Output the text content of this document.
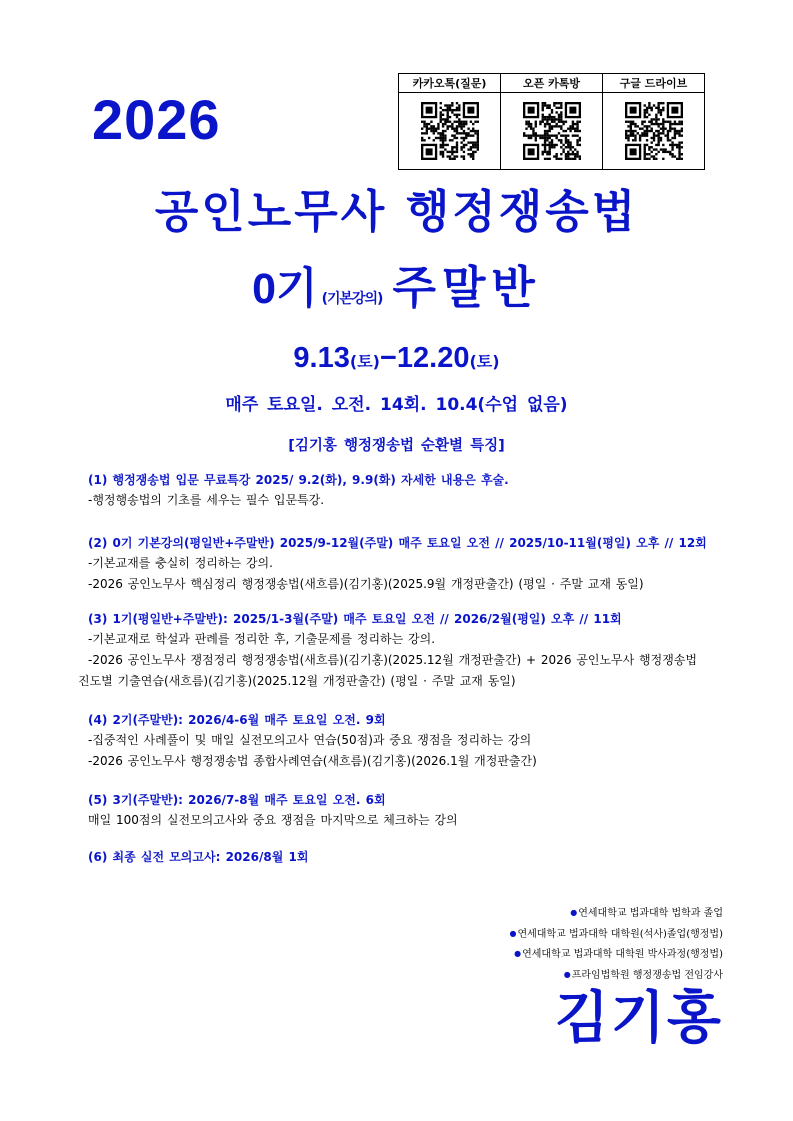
2026
카카오톡(질문)	오픈 카톡방	구글 드라이브

공인노무사 행정쟁송법
0기 (기본강의) 주말반
9.13(토)−12.20(토)

매주 토요일. 오전. 14회. 10.4(수업 없음)

[김기홍 행정쟁송법 순환별 특징]

(1) 행정쟁송법 입문 무료특강 2025/ 9.2(화), 9.9(화) 자세한 내용은 후술.

-행정행송법의 기초를 세우는 필수 입문특강.

(2) 0기 기본강의(평일반+주말반) 2025/9-12월(주말) 매주 토요일 오전 // 2025/10-11월(평일) 오후 // 12회

-기본교재를 충실히 정리하는 강의.

-2026 공인노무사 핵심정리 행정쟁송법(새흐름)(김기홍)(2025.9월 개정판출간) (평일 · 주말 교재 동일)

(3) 1기(평일반+주말반): 2025/1-3월(주말) 매주 토요일 오전 // 2026/2월(평일) 오후 // 11회

-기본교재로 학설과 판례를 정리한 후, 기출문제를 정리하는 강의.

-2026 공인노무사 쟁점정리 행정쟁송법(새흐름)(김기홍)(2025.12월 개정판출간) + 2026 공인노무사 행정쟁송법

진도별 기출연습(새흐름)(김기홍)(2025.12월 개정판출간) (평일 · 주말 교재 동일)

(4) 2기(주말반): 2026/4-6월 매주 토요일 오전. 9회

-집중적인 사례풀이 및 매일 실전모의고사 연습(50점)과 중요 쟁점을 정리하는 강의

-2026 공인노무사 행정쟁송법 종합사례연습(새흐름)(김기홍)(2026.1월 개정판출간)

(5) 3기(주말반): 2026/7-8월 매주 토요일 오전. 6회

매일 100점의 실전모의고사와 중요 쟁점을 마지막으로 체크하는 강의

(6) 최종 실전 모의고사: 2026/8월 1회

●연세대학교 법과대학 법학과 졸업

●연세대학교 법과대학 대학원(석사)졸업(행정법)

●연세대학교 법과대학 대학원 박사과정(행정법)

●프라임법학원 행정쟁송법 전임강사

김기홍
